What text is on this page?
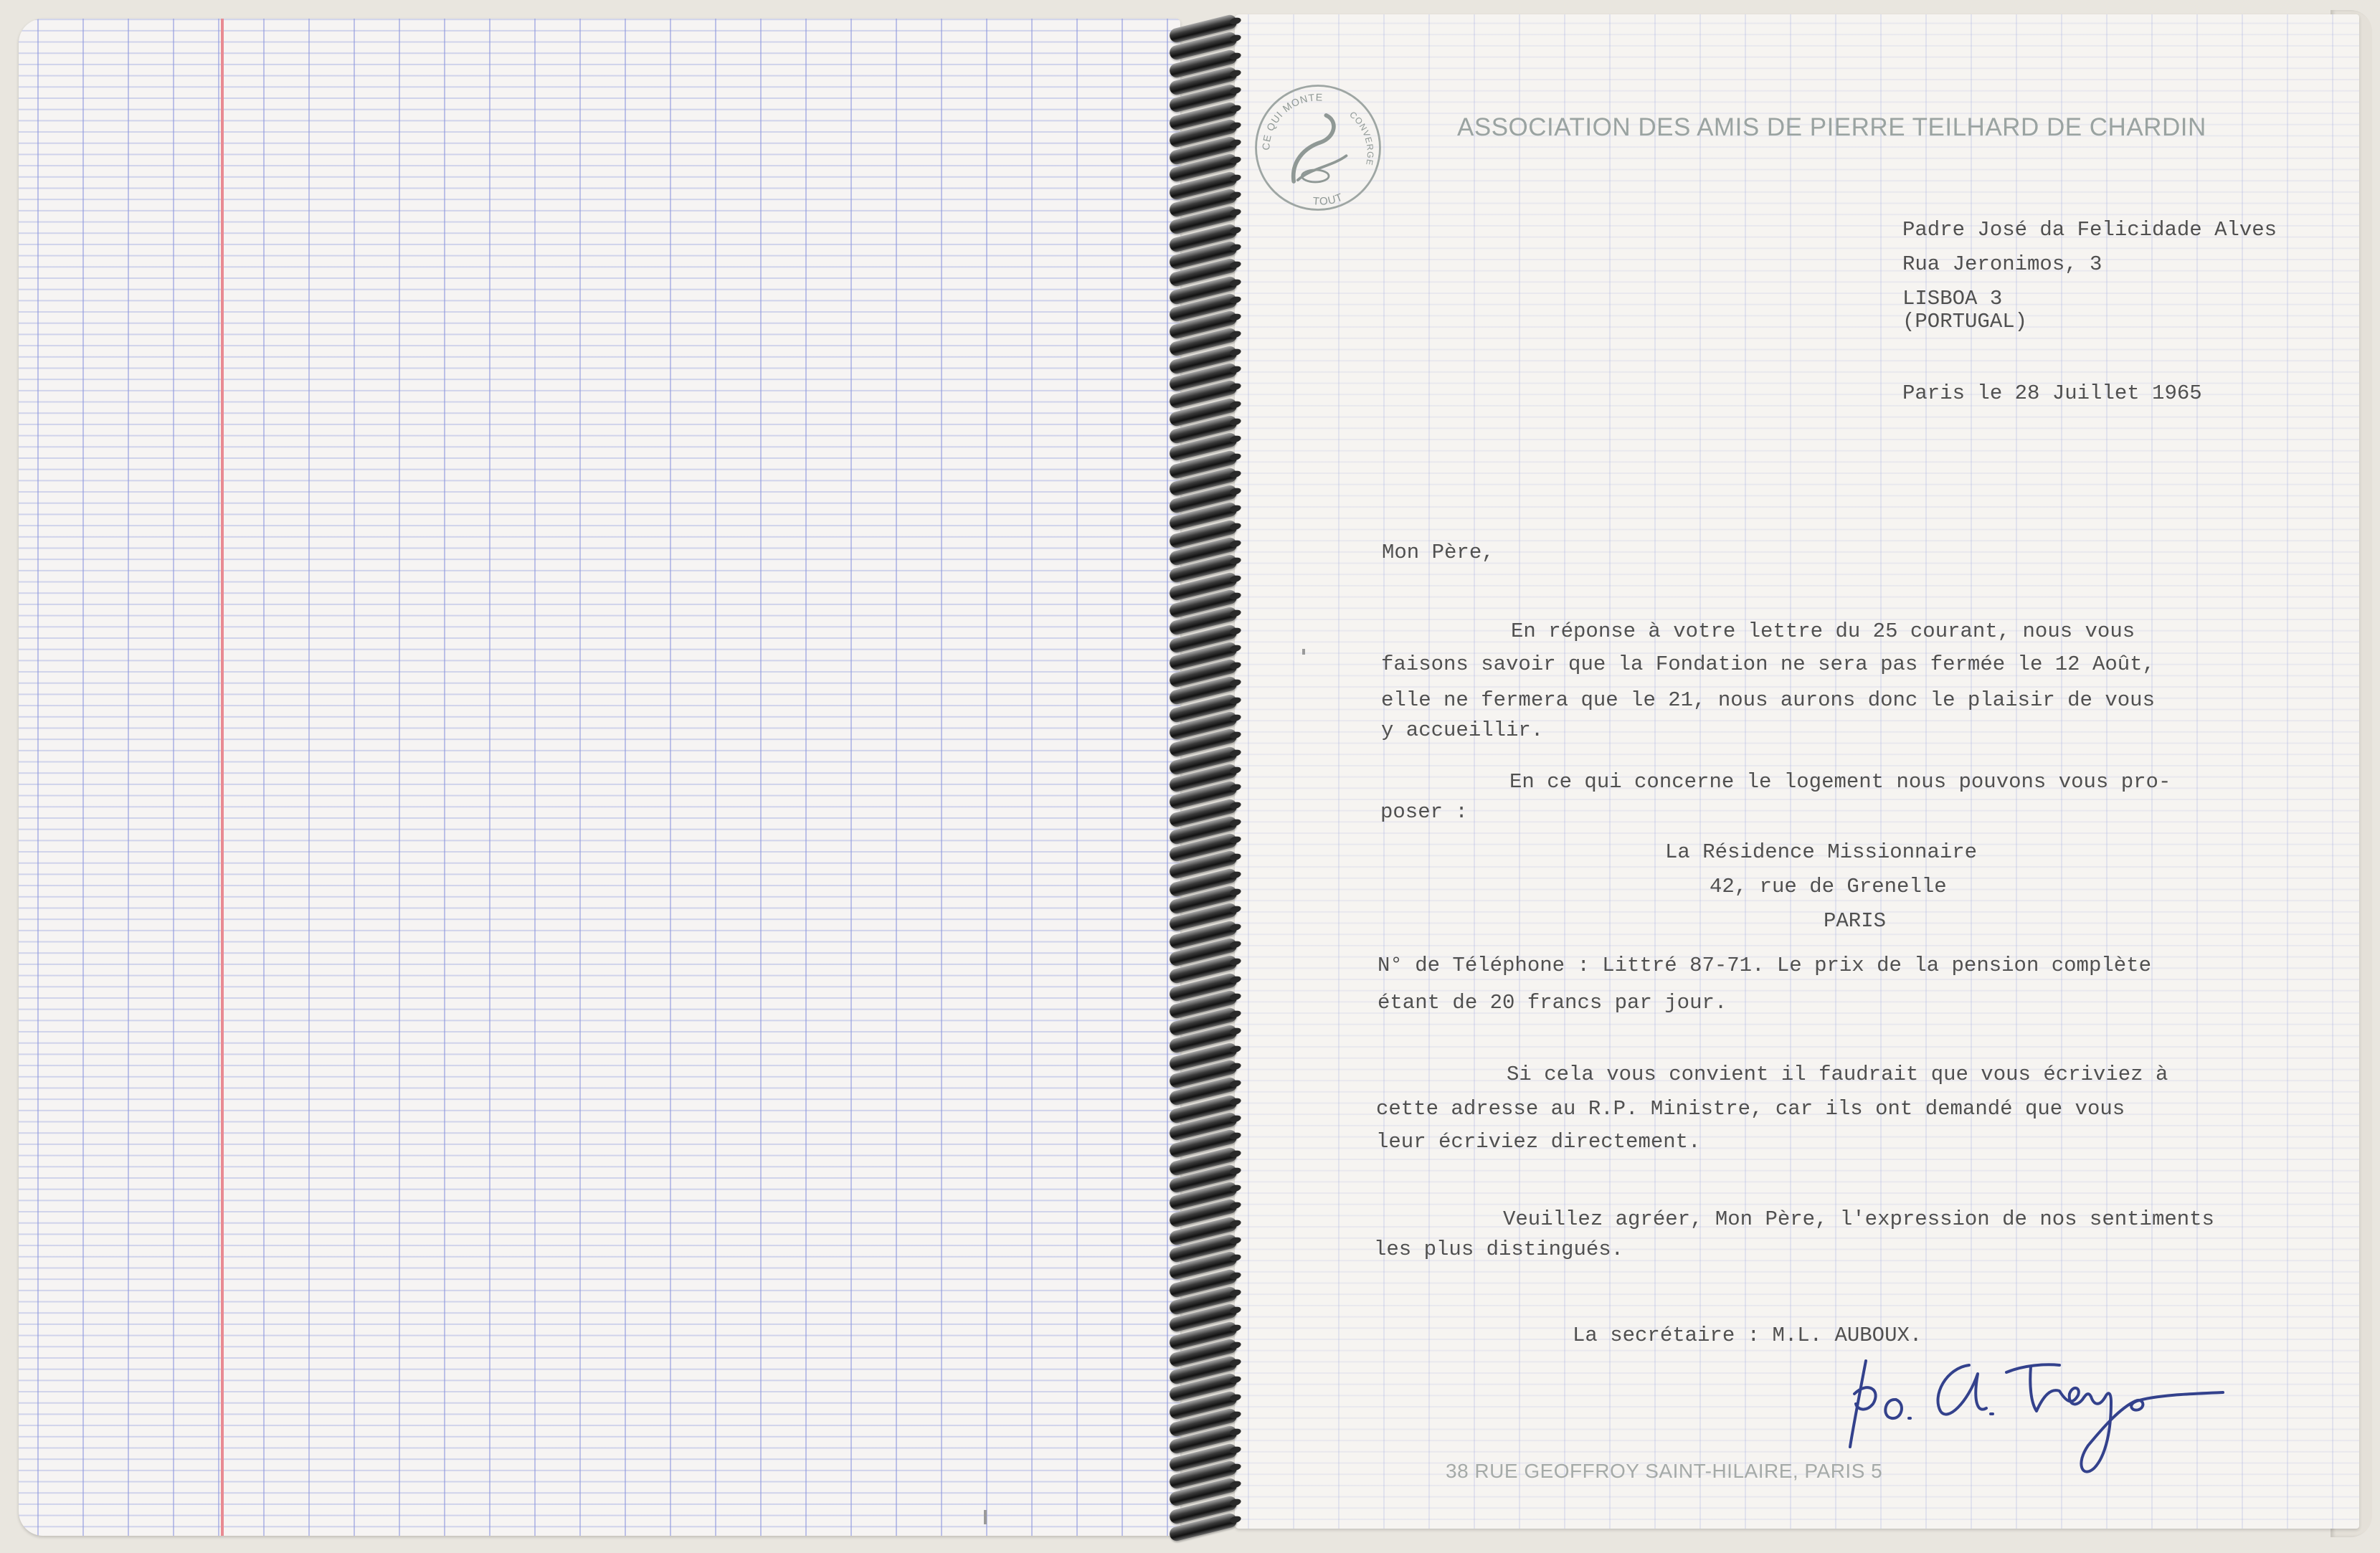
CE QUI MONTE
CONVERGE
TOUT
ASSOCIATION DES AMIS DE PIERRE TEILHARD DE CHARDIN
Padre José da Felicidade Alves
Rua Jeronimos, 3
LISBOA 3
(PORTUGAL)
Paris le 28 Juillet 1965
Mon Père,
En réponse à votre lettre du 25 courant, nous vous
faisons savoir que la Fondation ne sera pas fermée le 12 Août,
elle ne fermera que le 21, nous aurons donc le plaisir de vous
y accueillir.
En ce qui concerne le logement nous pouvons vous pro-
poser :
La Résidence Missionnaire
42, rue de Grenelle
PARIS
N° de Téléphone : Littré 87-71. Le prix de la pension complète
étant de 20 francs par jour.
Si cela vous convient il faudrait que vous écriviez à
cette adresse au R.P. Ministre, car ils ont demandé que vous
leur écriviez directement.
Veuillez agréer, Mon Père, l'expression de nos sentiments
les plus distingués.
La secrétaire : M.L. AUBOUX.
38 RUE GEOFFROY SAINT-HILAIRE, PARIS 5
